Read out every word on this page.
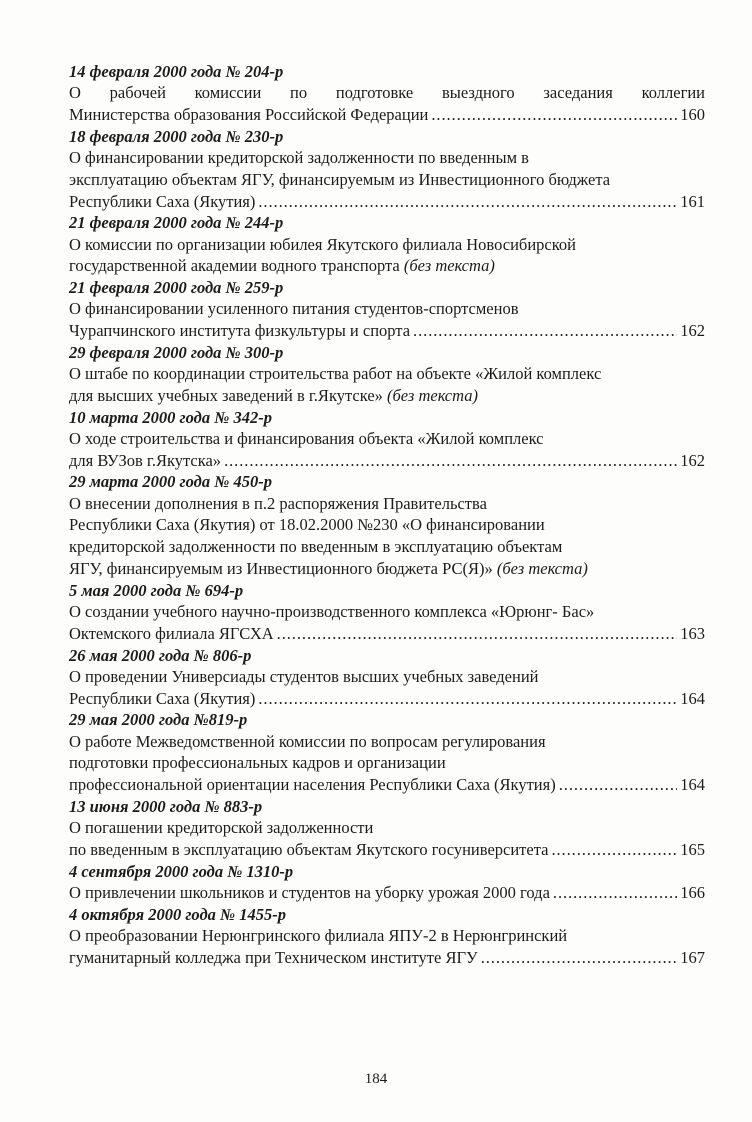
14 февраля 2000 года № 204-р
О рабочей комиссии по подготовке выездного заседания коллегии
Министерства образования Российской Федерации . . .	160
18 февраля 2000 года № 230-р
О финансировании кредиторской задолженности по введенным в
эксплуатацию объектам ЯГУ, финансируемым из Инвестиционного бюджета
Республики Саха (Якутия) . . .	161
21 февраля 2000 года № 244-р
О комиссии по организации юбилея Якутского филиала Новосибирской
государственной академии водного транспорта (без текста)
21 февраля 2000 года № 259-р
О финансировании усиленного питания студентов-спортсменов
Чурапчинского института физкультуры и спорта . . .	162
29 февраля 2000 года № 300-р
О штабе по координации строительства работ на объекте «Жилой комплекс
для высших учебных заведений в г.Якутске» (без текста)
10 марта 2000 года № 342-р
О ходе строительства и финансирования объекта «Жилой комплекс
для ВУЗов г.Якутска» . . .	162
29 марта 2000 года № 450-р
О внесении дополнения в п.2 распоряжения Правительства
Республики Саха (Якутия) от 18.02.2000 №230 «О финансировании
кредиторской задолженности по введенным в эксплуатацию объектам
ЯГУ, финансируемым из Инвестиционного бюджета РС(Я)» (без текста)
5 мая 2000 года № 694-р
О создании учебного научно-производственного комплекса «Юрюнг- Бас»
Октемского филиала ЯГСХА . . .	163
26 мая 2000 года № 806-р
О проведении Универсиады студентов высших учебных заведений
Республики Саха (Якутия) . . .	164
29 мая 2000 года №819-р
О работе Межведомственной комиссии по вопросам регулирования
подготовки профессиональных кадров и организации
профессиональной ориентации населения Республики Саха (Якутия) . . .	164
13 июня 2000 года № 883-р
О погашении кредиторской задолженности
по введенным в эксплуатацию объектам Якутского госуниверситета . . .	165
4 сентября 2000 года № 1310-р
О привлечении школьников и студентов на уборку урожая 2000 года . . .	166
4 октября 2000 года № 1455-р
О преобразовании Нерюнгринского филиала ЯПУ-2 в Нерюнгринский
гуманитарный колледжа при Техническом институте ЯГУ . . .	167
184
